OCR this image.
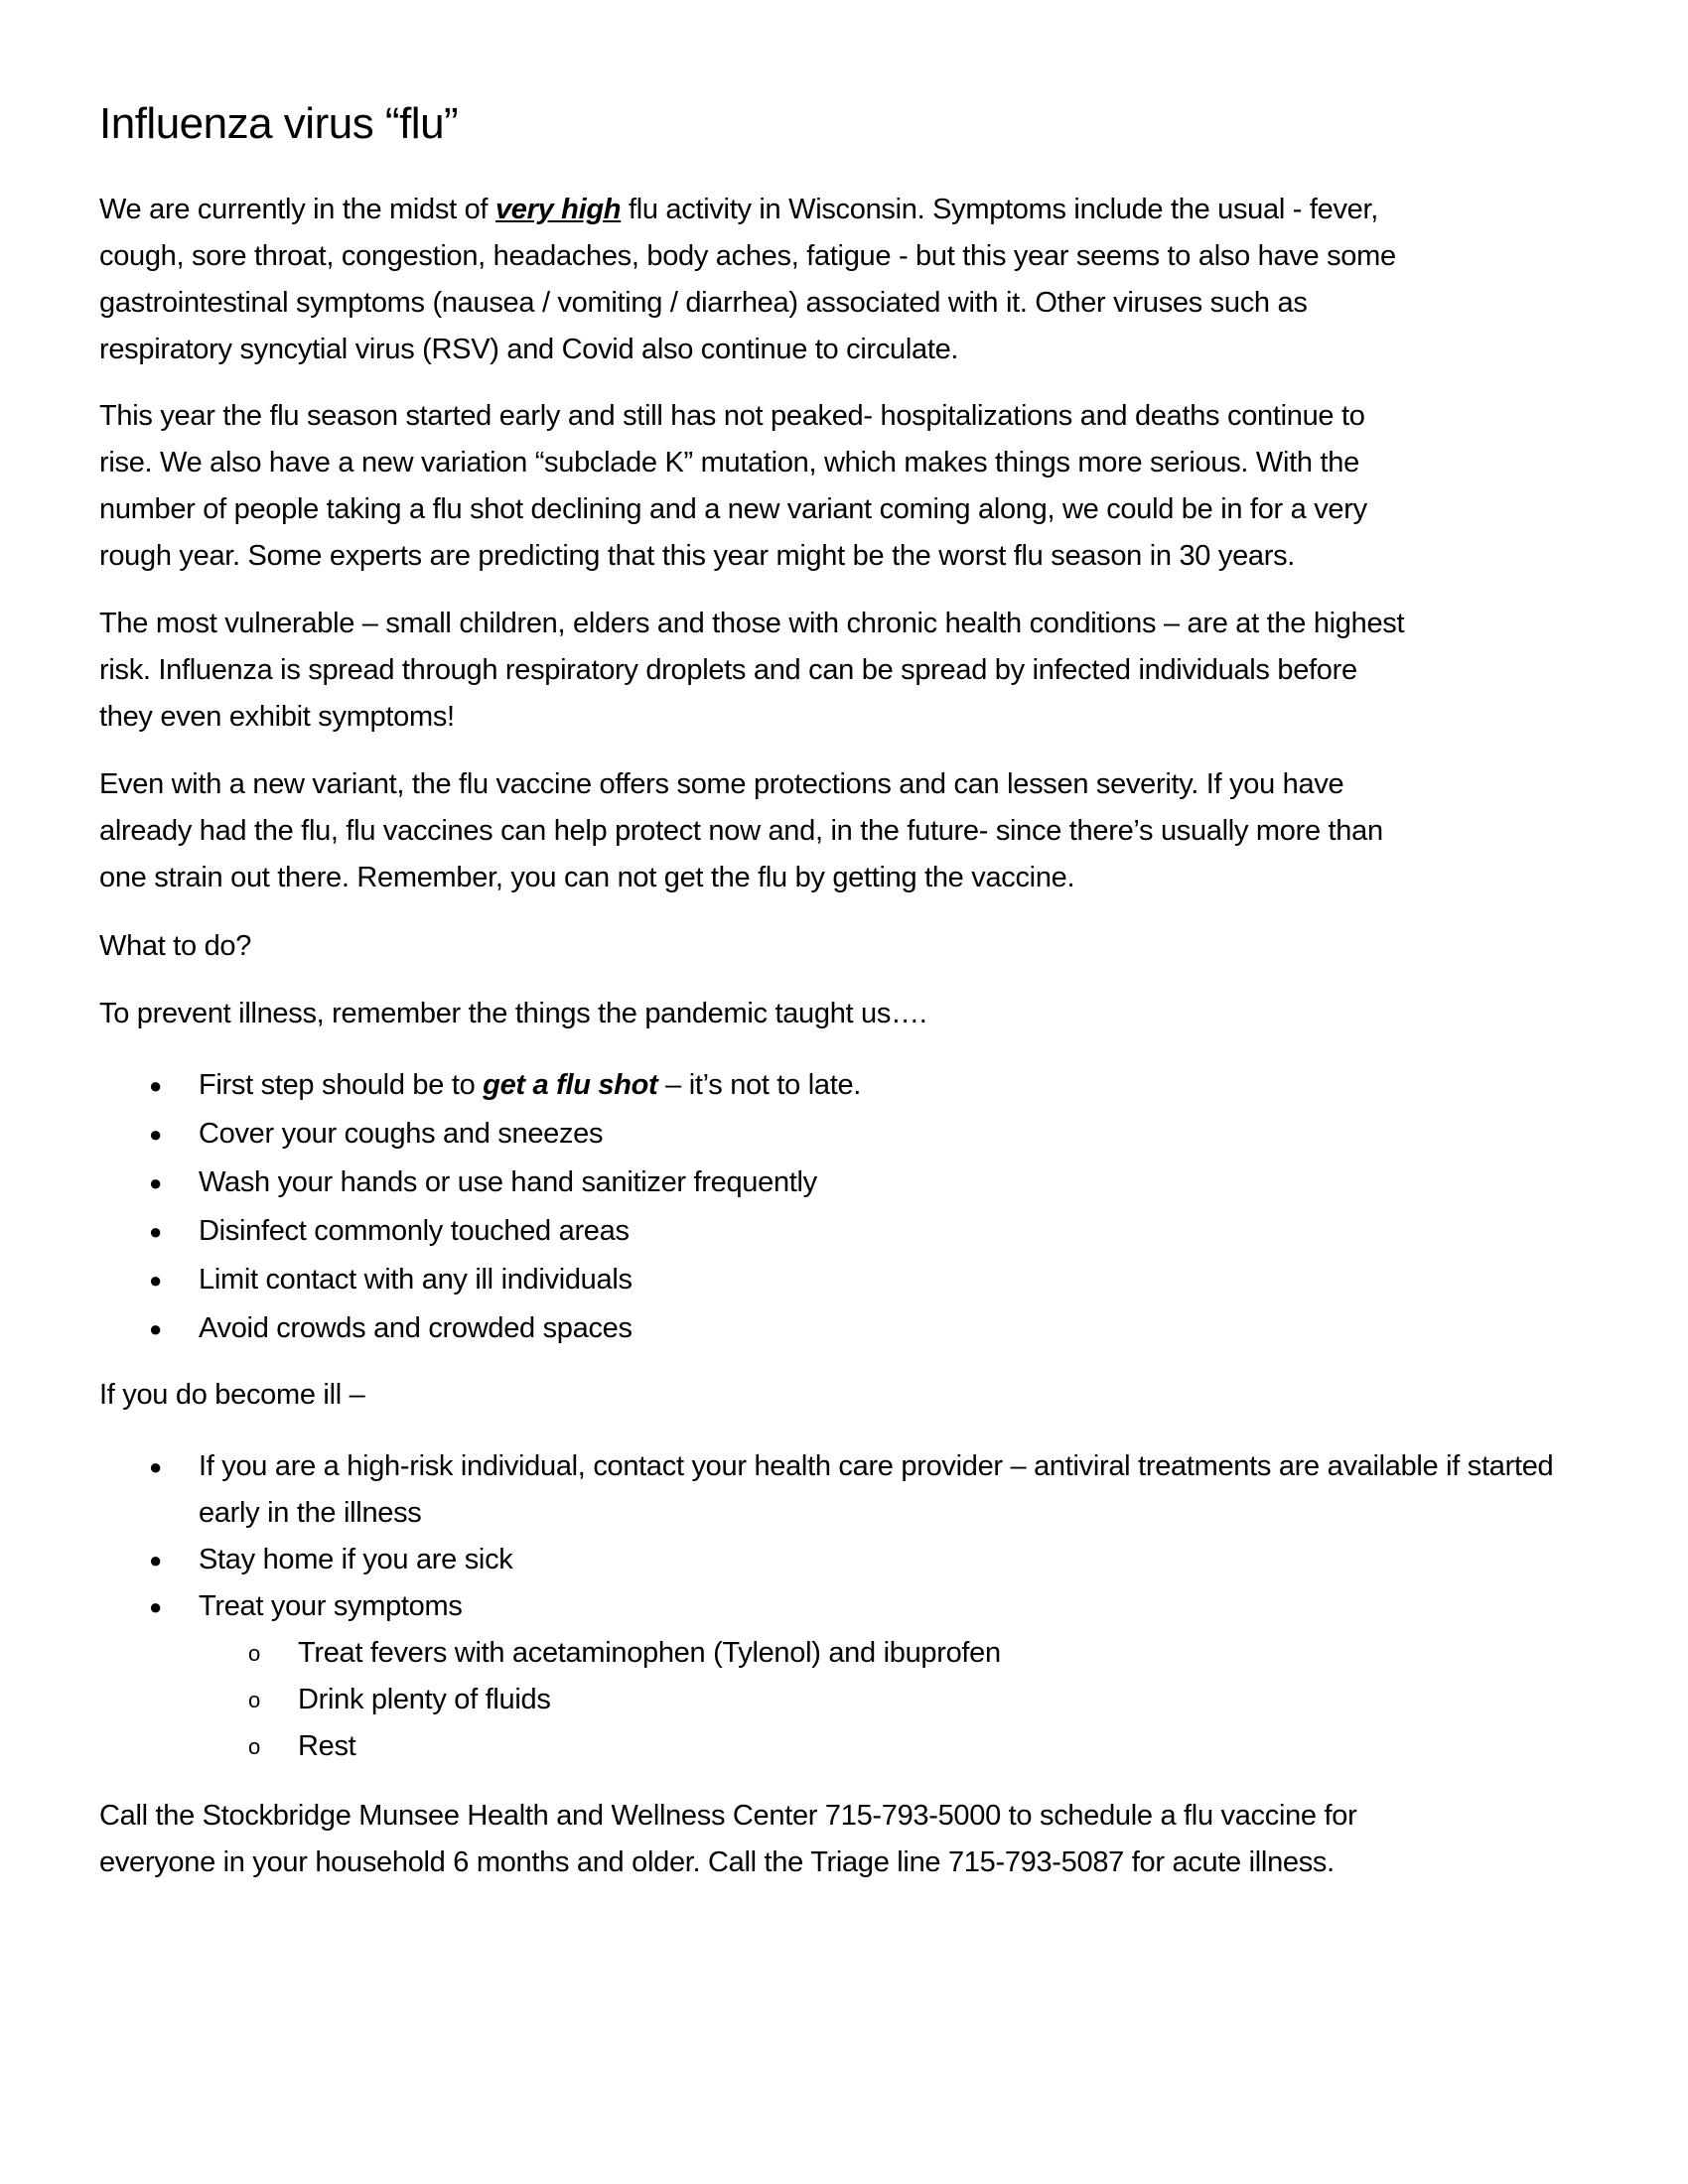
Influenza virus “flu”

We are currently in the midst of very high flu activity in Wisconsin. Symptoms include the usual - fever,
cough, sore throat, congestion, headaches, body aches, fatigue - but this year seems to also have some
gastrointestinal symptoms (nausea / vomiting / diarrhea) associated with it. Other viruses such as
respiratory syncytial virus (RSV) and Covid also continue to circulate.

This year the flu season started early and still has not peaked- hospitalizations and deaths continue to
rise. We also have a new variation “subclade K” mutation, which makes things more serious. With the
number of people taking a flu shot declining and a new variant coming along, we could be in for a very
rough year. Some experts are predicting that this year might be the worst flu season in 30 years.

The most vulnerable – small children, elders and those with chronic health conditions – are at the highest
risk. Influenza is spread through respiratory droplets and can be spread by infected individuals before
they even exhibit symptoms!

Even with a new variant, the flu vaccine offers some protections and can lessen severity. If you have
already had the flu, flu vaccines can help protect now and, in the future- since there’s usually more than
one strain out there. Remember, you can not get the flu by getting the vaccine.

What to do?

To prevent illness, remember the things the pandemic taught us….

● First step should be to get a flu shot – it’s not to late.
● Cover your coughs and sneezes
● Wash your hands or use hand sanitizer frequently
● Disinfect commonly touched areas
● Limit contact with any ill individuals
● Avoid crowds and crowded spaces

If you do become ill –

● If you are a high-risk individual, contact your health care provider – antiviral treatments are available if started early in the illness
● Stay home if you are sick
● Treat your symptoms
o Treat fevers with acetaminophen (Tylenol) and ibuprofen
o Drink plenty of fluids
o Rest

Call the Stockbridge Munsee Health and Wellness Center 715-793-5000 to schedule a flu vaccine for
everyone in your household 6 months and older. Call the Triage line 715-793-5087 for acute illness.
